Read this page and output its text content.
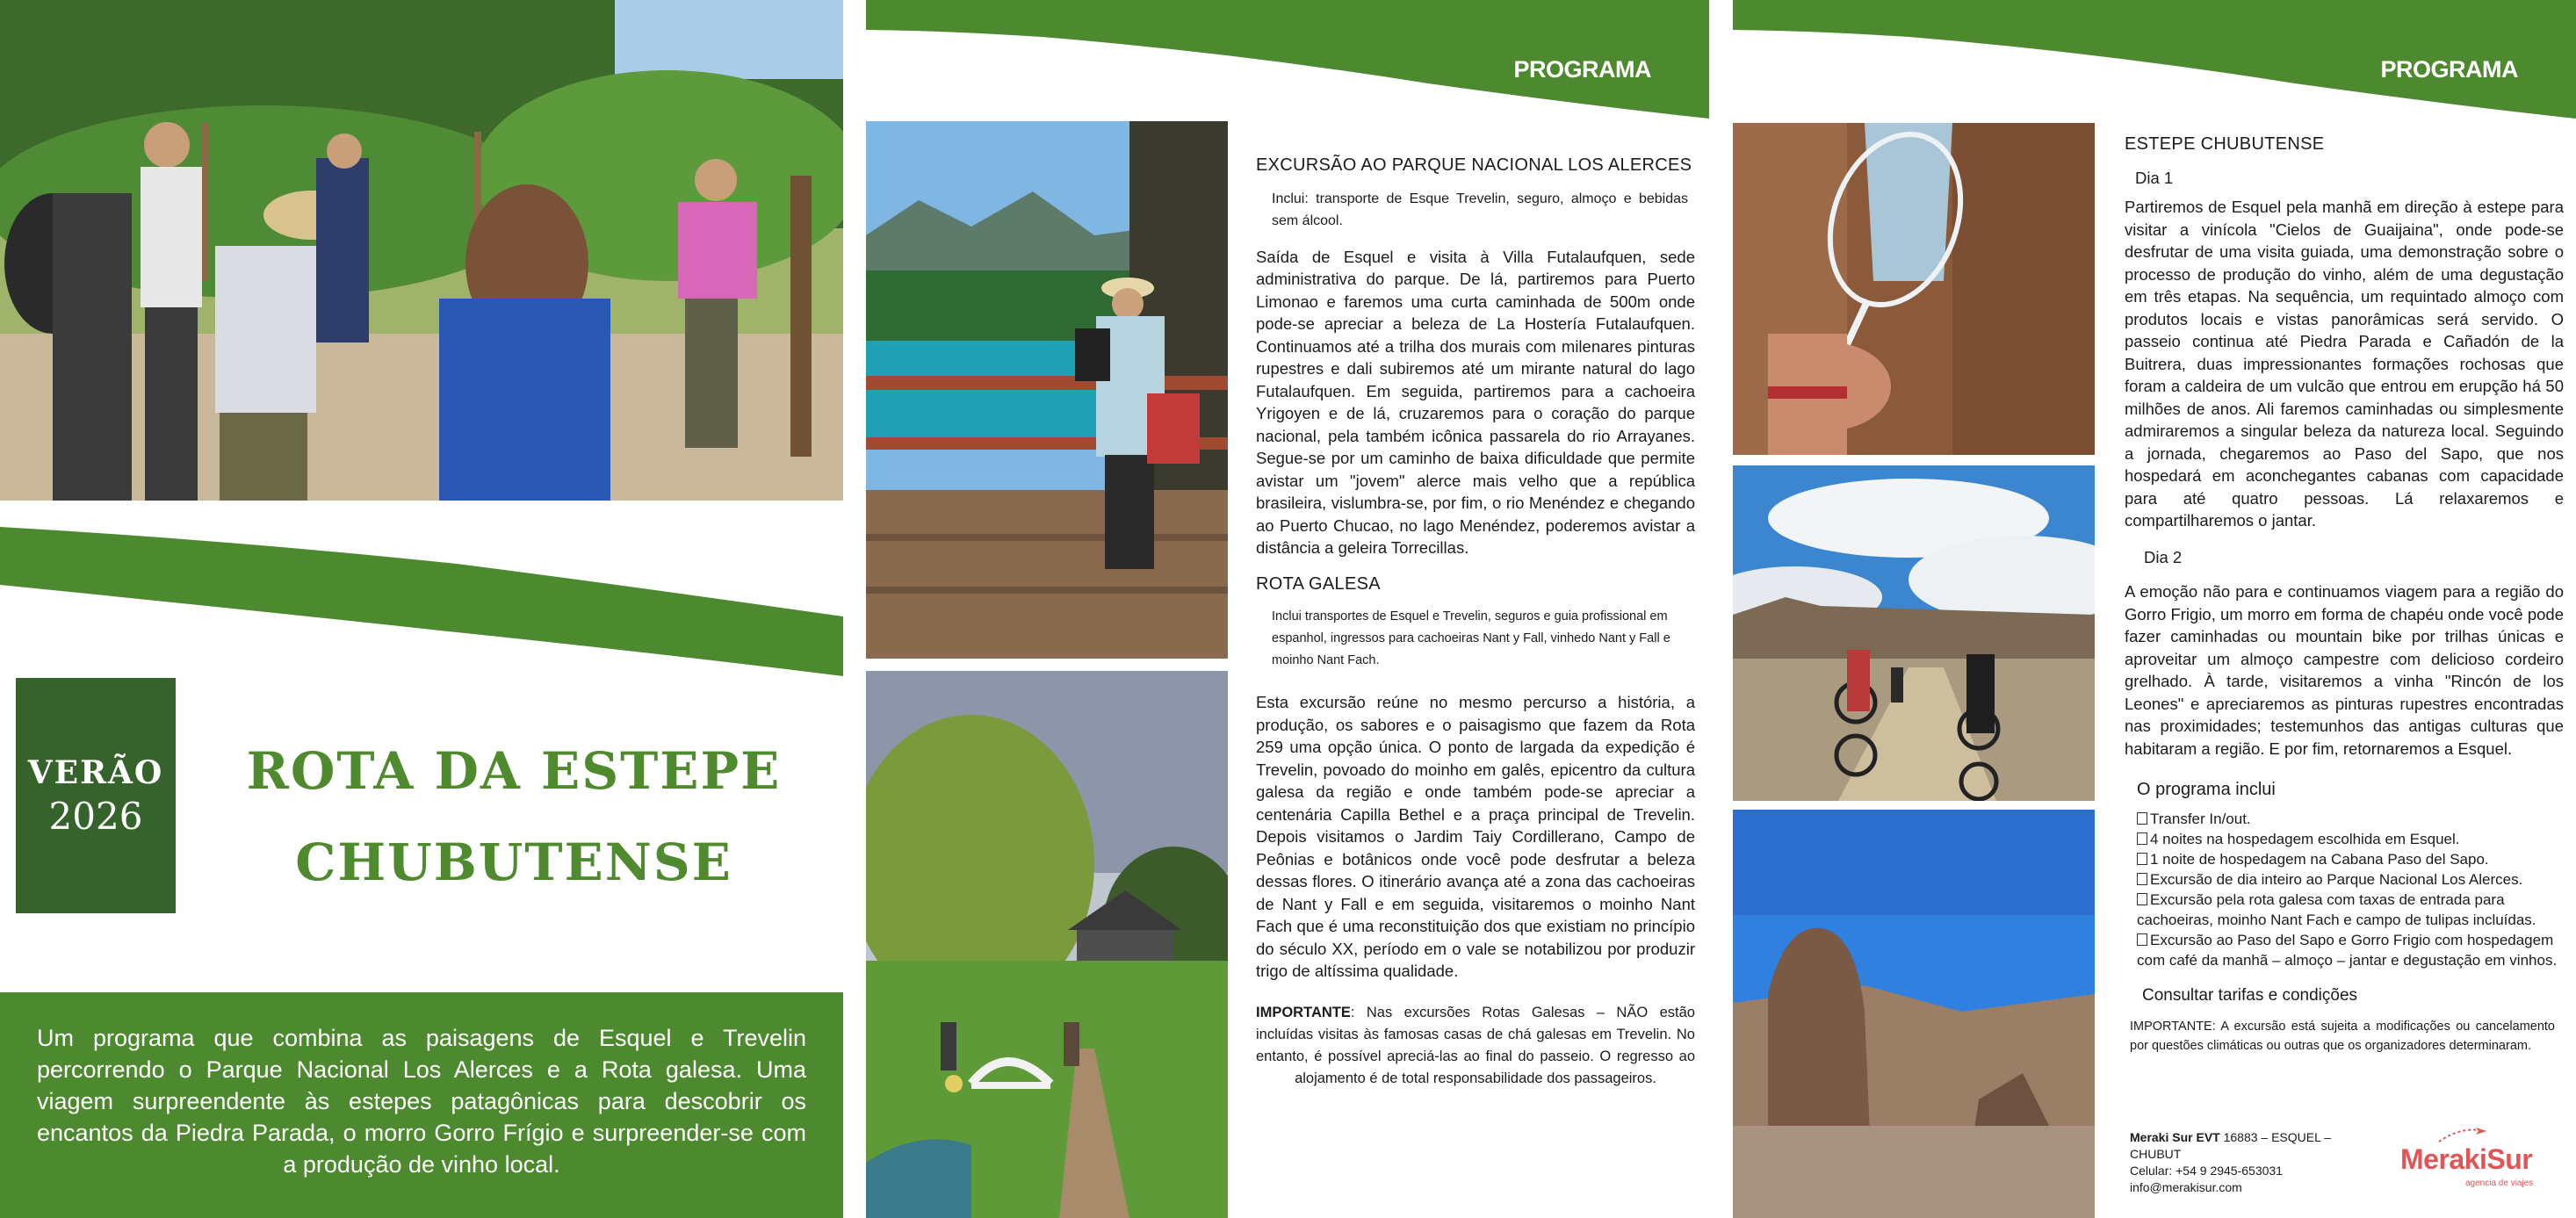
VERÃO
2026
ROTA DA ESTEPE
CHUBUTENSE
Um programa que combina as paisagens de Esquel e Trevelin percorrendo o Parque Nacional Los Alerces e a Rota galesa. Uma viagem surpreendente às estepes patagônicas para descobrir os encantos da Piedra Parada, o morro Gorro Frígio e surpreender-se com a produção de vinho local.
PROGRAMA
EXCURSÃO AO PARQUE NACIONAL LOS ALERCES
Inclui: transporte de Esque Trevelin, seguro, almoço e bebidas sem álcool.
Saída de Esquel e visita à Villa Futalaufquen, sede administrativa do parque. De lá, partiremos para Puerto Limonao e faremos uma curta caminhada de 500m onde pode-se apreciar a beleza de La Hostería Futalaufquen. Continuamos até a trilha dos murais com milenares pinturas rupestres e dali subiremos até um mirante natural do lago Futalaufquen. Em seguida, partiremos para a cachoeira Yrigoyen e de lá, cruzaremos para o coração do parque nacional, pela também icônica passarela do rio Arrayanes. Segue-se por um caminho de baixa dificuldade que permite avistar um "jovem" alerce mais velho que a república brasileira, vislumbra-se, por fim, o rio Menéndez e chegando ao Puerto Chucao, no lago Menéndez, poderemos avistar a distância a geleira Torrecillas.
ROTA GALESA
Inclui transportes de Esquel e Trevelin, seguros e guia profissional em espanhol, ingressos para cachoeiras Nant y Fall, vinhedo Nant y Fall e moinho Nant Fach.
Esta excursão reúne no mesmo percurso a história, a produção, os sabores e o paisagismo que fazem da Rota 259 uma opção única. O ponto de largada da expedição é Trevelin, povoado do moinho em galês, epicentro da cultura galesa da região e onde também pode-se apreciar a centenária Capilla Bethel e a praça principal de Trevelin. Depois visitamos o Jardim Taiy Cordillerano, Campo de Peônias e botânicos onde você pode desfrutar a beleza dessas flores. O itinerário avança até a zona das cachoeiras de Nant y Fall e em seguida, visitaremos o moinho Nant Fach que é uma reconstituição dos que existiam no princípio do século XX, período em o vale se notabilizou por produzir trigo de altíssima qualidade.
IMPORTANTE: Nas excursões Rotas Galesas – NÃO estão incluídas visitas às famosas casas de chá galesas em Trevelin. No entanto, é possível apreciá-las ao final do passeio. O regresso ao alojamento é de total responsabilidade dos passageiros.
PROGRAMA
ESTEPE CHUBUTENSE
Dia 1
Partiremos de Esquel pela manhã em direção à estepe para visitar a vinícola "Cielos de Guaijaina", onde pode-se desfrutar de uma visita guiada, uma demonstração sobre o processo de produção do vinho, além de uma degustação em três etapas. Na sequência, um requintado almoço com produtos locais e vistas panorâmicas será servido. O passeio continua até Piedra Parada e Cañadón de la Buitrera, duas impressionantes formações rochosas que foram a caldeira de um vulcão que entrou em erupção há 50 milhões de anos. Ali faremos caminhadas ou simplesmente admiraremos a singular beleza da natureza local. Seguindo a jornada, chegaremos ao Paso del Sapo, que nos hospedará em aconchegantes cabanas com capacidade para até quatro pessoas. Lá relaxaremos e compartilharemos o jantar.
Dia 2
A emoção não para e continuamos viagem para a região do Gorro Frigio, um morro em forma de chapéu onde você pode fazer caminhadas ou mountain bike por trilhas únicas e aproveitar um almoço campestre com delicioso cordeiro grelhado. À tarde, visitaremos a vinha "Rincón de los Leones" e apreciaremos as pinturas rupestres encontradas nas proximidades; testemunhos das antigas culturas que habitaram a região. E por fim, retornaremos a Esquel.
O programa inclui
Transfer In/out.
4 noites na hospedagem escolhida em Esquel.
1 noite de hospedagem na Cabana Paso del Sapo.
Excursão de dia inteiro ao Parque Nacional Los Alerces.
Excursão pela rota galesa com taxas de entrada para cachoeiras, moinho Nant Fach e campo de tulipas incluídas.
Excursão ao Paso del Sapo e Gorro Frigio com hospedagem com café da manhã – almoço – jantar e degustação em vinhos.
Consultar tarifas e condições
IMPORTANTE: A excursão está sujeita a modificações ou cancelamento por questões climáticas ou outras que os organizadores determinaram.
Meraki Sur EVT 16883 – ESQUEL – CHUBUT
Celular: +54 9 2945-653031
info@merakisur.com
MerakiSur
agencia de viajes
